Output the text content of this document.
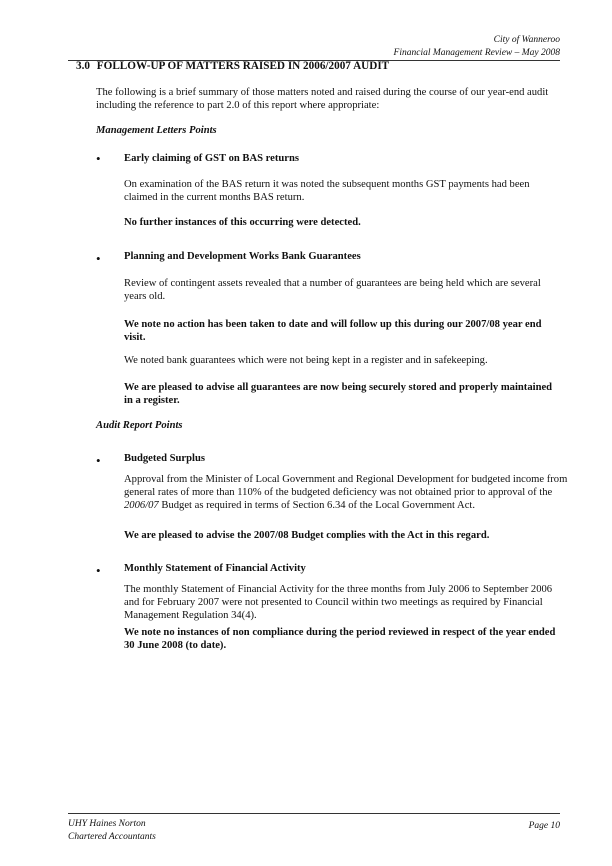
City of Wanneroo
Financial Management Review – May 2008
3.0 FOLLOW-UP OF MATTERS RAISED IN 2006/2007 AUDIT
The following is a brief summary of those matters noted and raised during the course of our year-end audit including the reference to part 2.0 of this report where appropriate:
Management Letters Points
• Early claiming of GST on BAS returns
On examination of the BAS return it was noted the subsequent months GST payments had been claimed in the current months BAS return.
No further instances of this occurring were detected.
• Planning and Development Works Bank Guarantees
Review of contingent assets revealed that a number of guarantees are being held which are several years old.
We note no action has been taken to date and will follow up this during our 2007/08 year end visit.
We noted bank guarantees which were not being kept in a register and in safekeeping.
We are pleased to advise all guarantees are now being securely stored and properly maintained in a register.
Audit Report Points
• Budgeted Surplus
Approval from the Minister of Local Government and Regional Development for budgeted income from general rates of more than 110% of the budgeted deficiency was not obtained prior to approval of the 2006/07 Budget as required in terms of Section 6.34 of the Local Government Act.
We are pleased to advise the 2007/08 Budget complies with the Act in this regard.
• Monthly Statement of Financial Activity
The monthly Statement of Financial Activity for the three months from July 2006 to September 2006 and for February 2007 were not presented to Council within two meetings as required by Financial Management Regulation 34(4).
We note no instances of non compliance during the period reviewed in respect of the year ended 30 June 2008 (to date).
UHY Haines Norton
Chartered Accountants
Page 10
